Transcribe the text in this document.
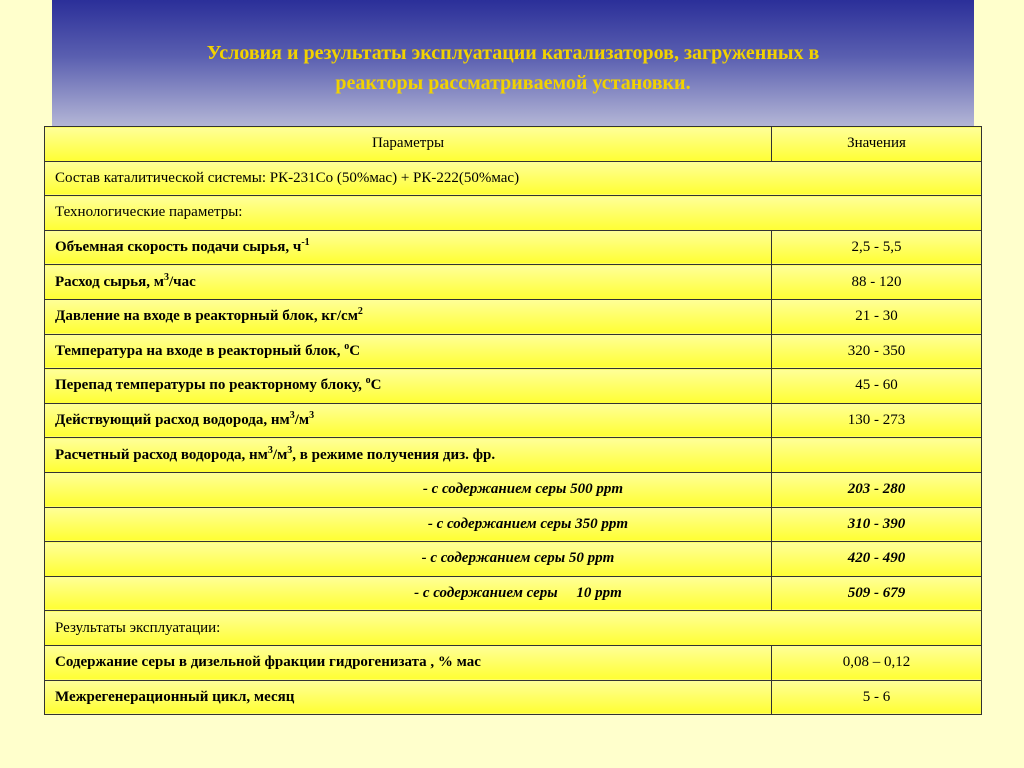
Условия и результаты эксплуатации катализаторов, загруженных в
реакторы рассматриваемой установки.
Параметры	Значения
Состав каталитической системы: РК-231Со (50%мас) + РК-222(50%мас)	
Технологические параметры:	
Объемная скорость подачи сырья, $ч^{-1}$	2,5 - 5,5
Расход сырья, $м^3$/час	88 - 120
Давление на входе в реакторный блок, $кг/см^2$	21 - 30
Температура на входе в реакторный блок, $^о$С	320 - 350
Перепад температуры по реакторному блоку, $^о$С	45 - 60
Действующий расход водорода, $нм^3/м^3$	130 - 273
Расчетный расход водорода, $нм^3/м^3$, в режиме получения диз. фр.	
- с содержанием серы 500 ppm	203 - 280
- с содержанием серы 350 ppm	310 - 390
- с содержанием серы 50 ppm	420 - 490
- с содержанием серы     10 ppm	509 - 679
Результаты эксплуатации:	
Содержание серы в дизельной фракции гидрогенизата , % мас	0,08 – 0,12
Межрегенерационный цикл, месяц	5 - 6
